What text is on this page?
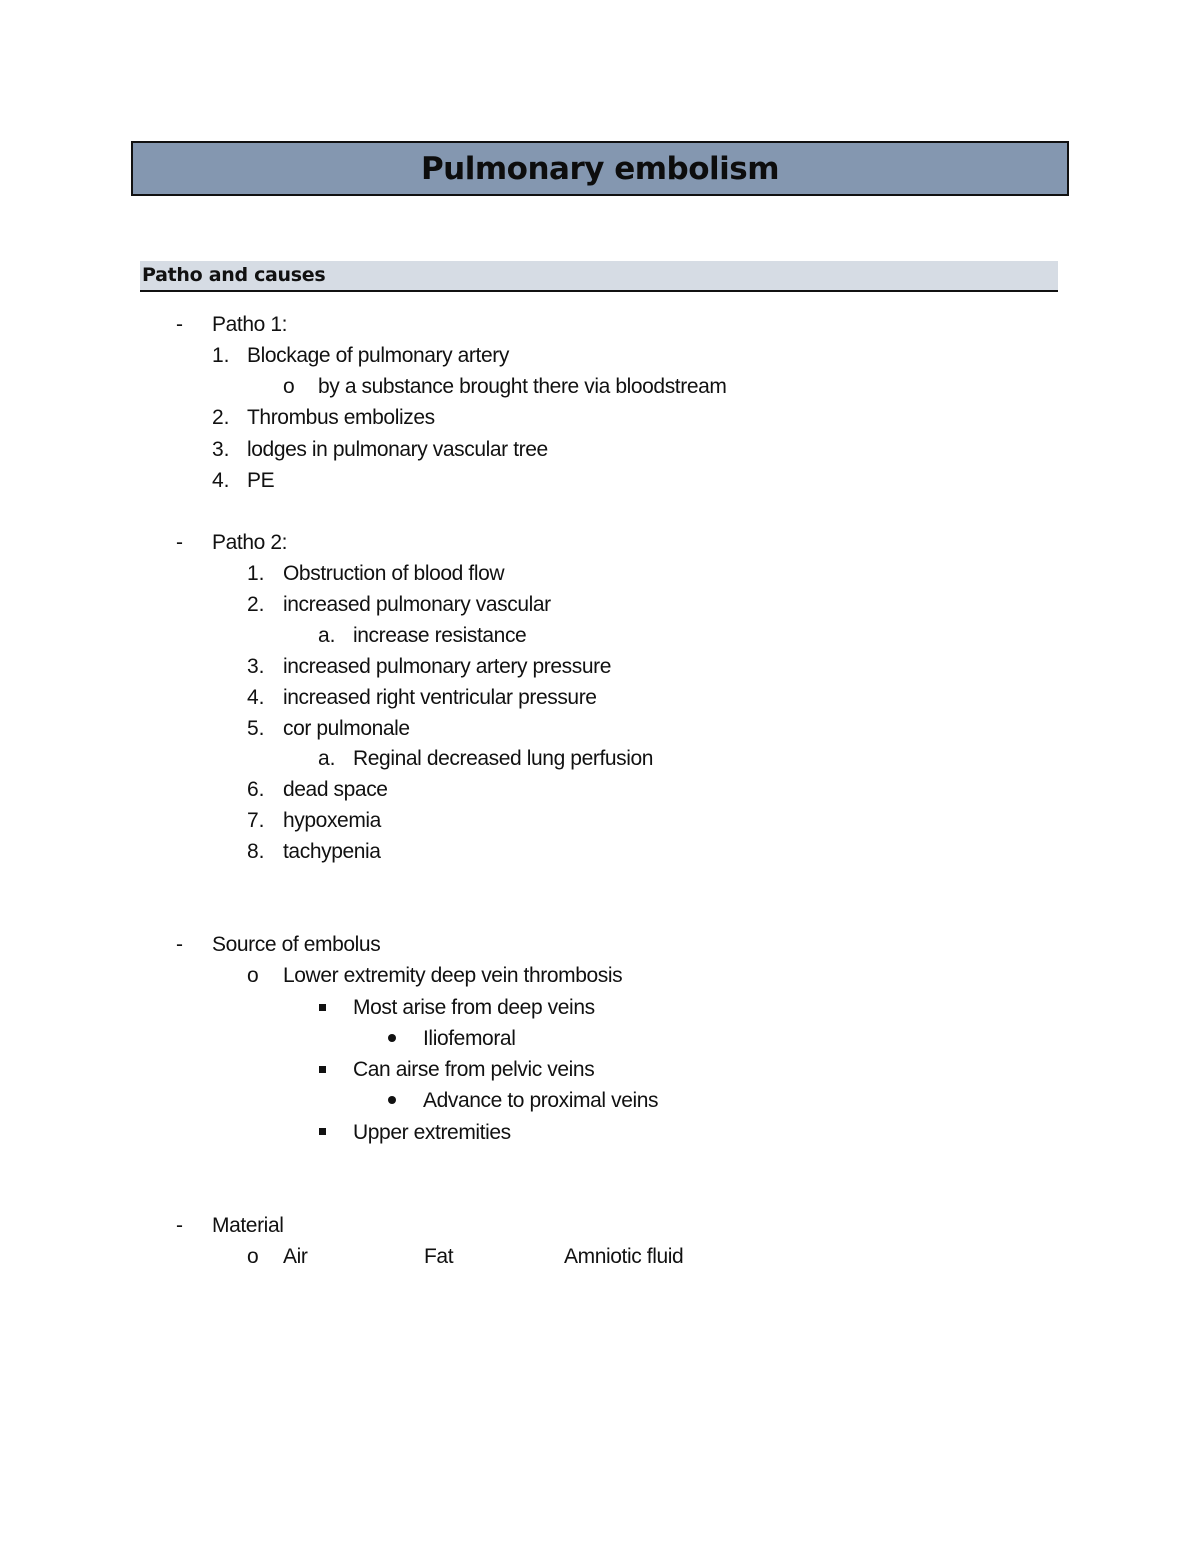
Pulmonary embolism
Patho and causes
- Patho 1:
1. Blockage of pulmonary artery
o by a substance brought there via bloodstream
2. Thrombus embolizes
3. lodges in pulmonary vascular tree
4. PE
- Patho 2:
1. Obstruction of blood flow
2. increased pulmonary vascular
a. increase resistance
3. increased pulmonary artery pressure
4. increased right ventricular pressure
5. cor pulmonale
a. Reginal decreased lung perfusion
6. dead space
7. hypoxemia
8. tachypenia
- Source of embolus
o Lower extremity deep vein thrombosis
Most arise from deep veins
Iliofemoral
Can airse from pelvic veins
Advance to proximal veins
Upper extremities
- Material
o Air	Fat	Amniotic fluid
